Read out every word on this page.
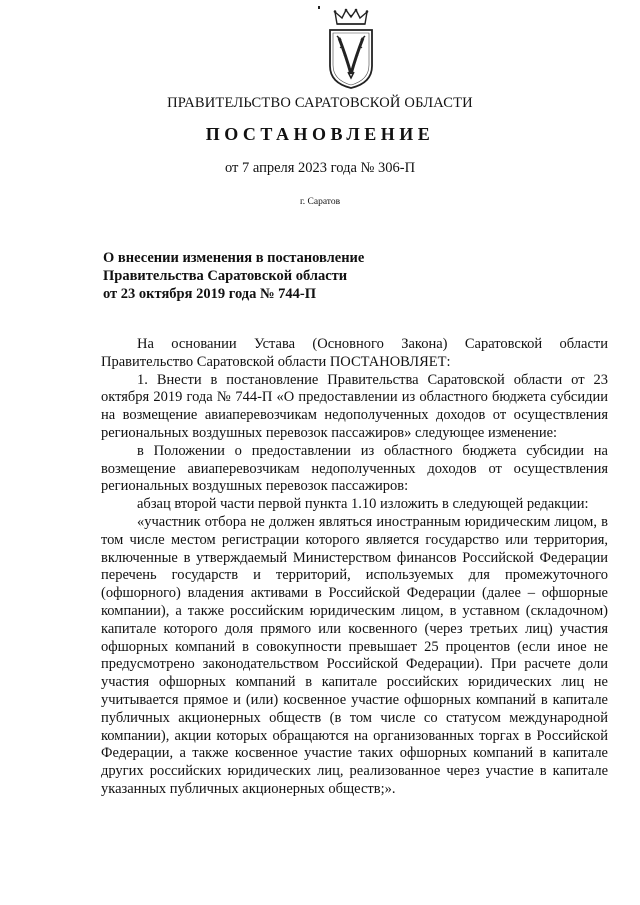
ПРАВИТЕЛЬСТВО САРАТОВСКОЙ ОБЛАСТИ
ПОСТАНОВЛЕНИЕ
от 7 апреля 2023 года № 306-П
г. Саратов
О внесении изменения в постановление
Правительства Саратовской области
от 23 октября 2019 года № 744-П

На основании Устава (Основного Закона) Саратовской области Правительство Саратовской области ПОСТАНОВЛЯЕТ:

1. Внести в постановление Правительства Саратовской области от 23 октября 2019 года № 744-П «О предоставлении из областного бюджета субсидии на возмещение авиаперевозчикам недополученных доходов от осуществления региональных воздушных перевозок пассажиров» следующее изменение:

в Положении о предоставлении из областного бюджета субсидии на возмещение авиаперевозчикам недополученных доходов от осуществления региональных воздушных перевозок пассажиров:

абзац второй части первой пункта 1.10 изложить в следующей редакции:

«участник отбора не должен являться иностранным юридическим лицом, в том числе местом регистрации которого является государство или территория, включенные в утверждаемый Министерством финансов Российской Федерации перечень государств и территорий, используемых для промежуточного (офшорного) владения активами в Российской Федерации (далее – офшорные компании), а также российским юридическим лицом, в уставном (складочном) капитале которого доля прямого или косвенного (через третьих лиц) участия офшорных компаний в совокупности превышает 25 процентов (если иное не предусмотрено законодательством Российской Федерации). При расчете доли участия офшорных компаний в капитале российских юридических лиц не учитывается прямое и (или) косвенное участие офшорных компаний в капитале публичных акционерных обществ (в том числе со статусом международной компании), акции которых обращаются на организованных торгах в Российской Федерации, а также косвенное участие таких офшорных компаний в капитале других российских юридических лиц, реализованное через участие в капитале указанных публичных акционерных обществ;».
